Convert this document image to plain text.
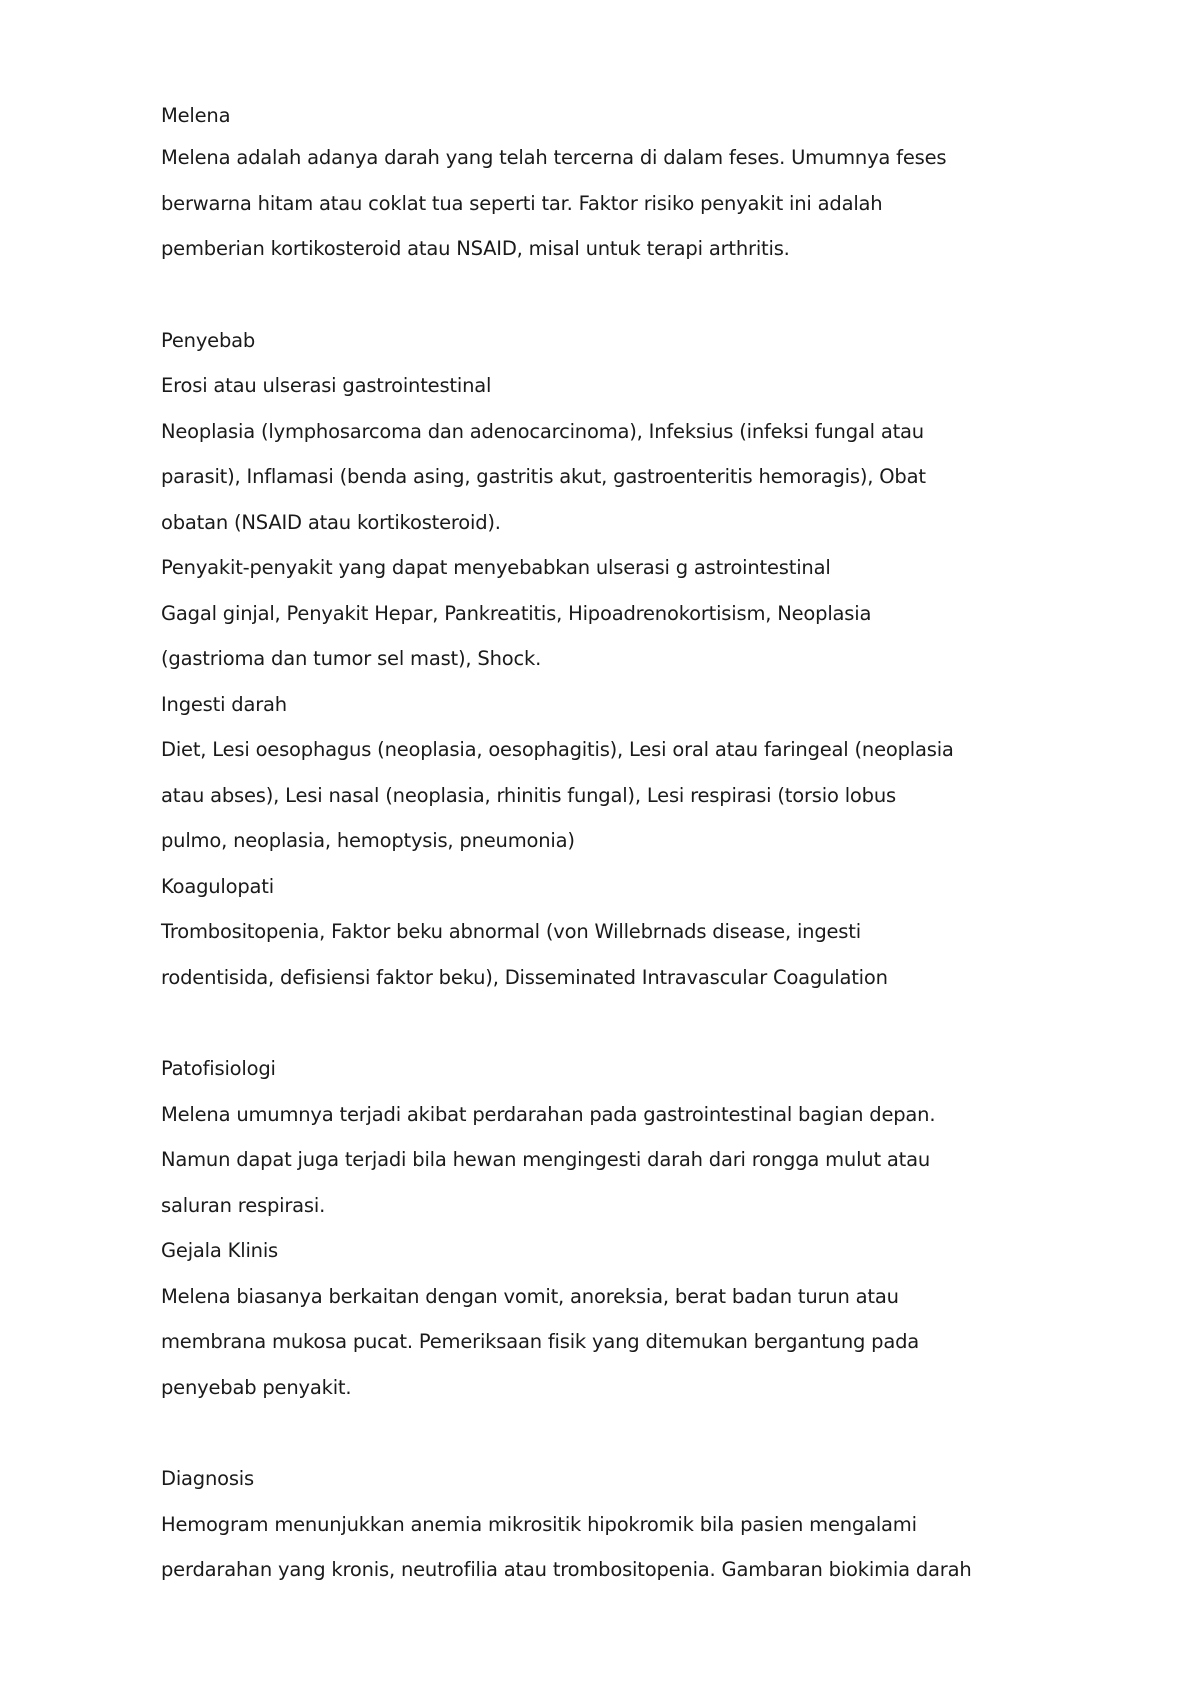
Melena
Melena adalah adanya darah yang telah tercerna di dalam feses. Umumnya feses
berwarna hitam atau coklat tua seperti tar. Faktor risiko penyakit ini adalah
pemberian kortikosteroid atau NSAID, misal untuk terapi arthritis.
Penyebab
Erosi atau ulserasi gastrointestinal
Neoplasia (lymphosarcoma dan adenocarcinoma), Infeksius (infeksi fungal atau
parasit), Inflamasi (benda asing, gastritis akut, gastroenteritis hemoragis), Obat
obatan (NSAID atau kortikosteroid).
Penyakit-penyakit yang dapat menyebabkan ulserasi g astrointestinal
Gagal ginjal, Penyakit Hepar, Pankreatitis, Hipoadrenokortisism, Neoplasia
(gastrioma dan tumor sel mast), Shock.
Ingesti darah
Diet, Lesi oesophagus (neoplasia, oesophagitis), Lesi oral atau faringeal (neoplasia
atau abses), Lesi nasal (neoplasia, rhinitis fungal), Lesi respirasi (torsio lobus
pulmo, neoplasia, hemoptysis, pneumonia)
Koagulopati
Trombositopenia, Faktor beku abnormal (von Willebrnads disease, ingesti
rodentisida, defisiensi faktor beku), Disseminated Intravascular Coagulation
Patofisiologi
Melena umumnya terjadi akibat perdarahan pada gastrointestinal bagian depan.
Namun dapat juga terjadi bila hewan mengingesti darah dari rongga mulut atau
saluran respirasi.
Gejala Klinis
Melena biasanya berkaitan dengan vomit, anoreksia, berat badan turun atau
membrana mukosa pucat. Pemeriksaan fisik yang ditemukan bergantung pada
penyebab penyakit.
Diagnosis
Hemogram menunjukkan anemia mikrositik hipokromik bila pasien mengalami
perdarahan yang kronis, neutrofilia atau trombositopenia. Gambaran biokimia darah
